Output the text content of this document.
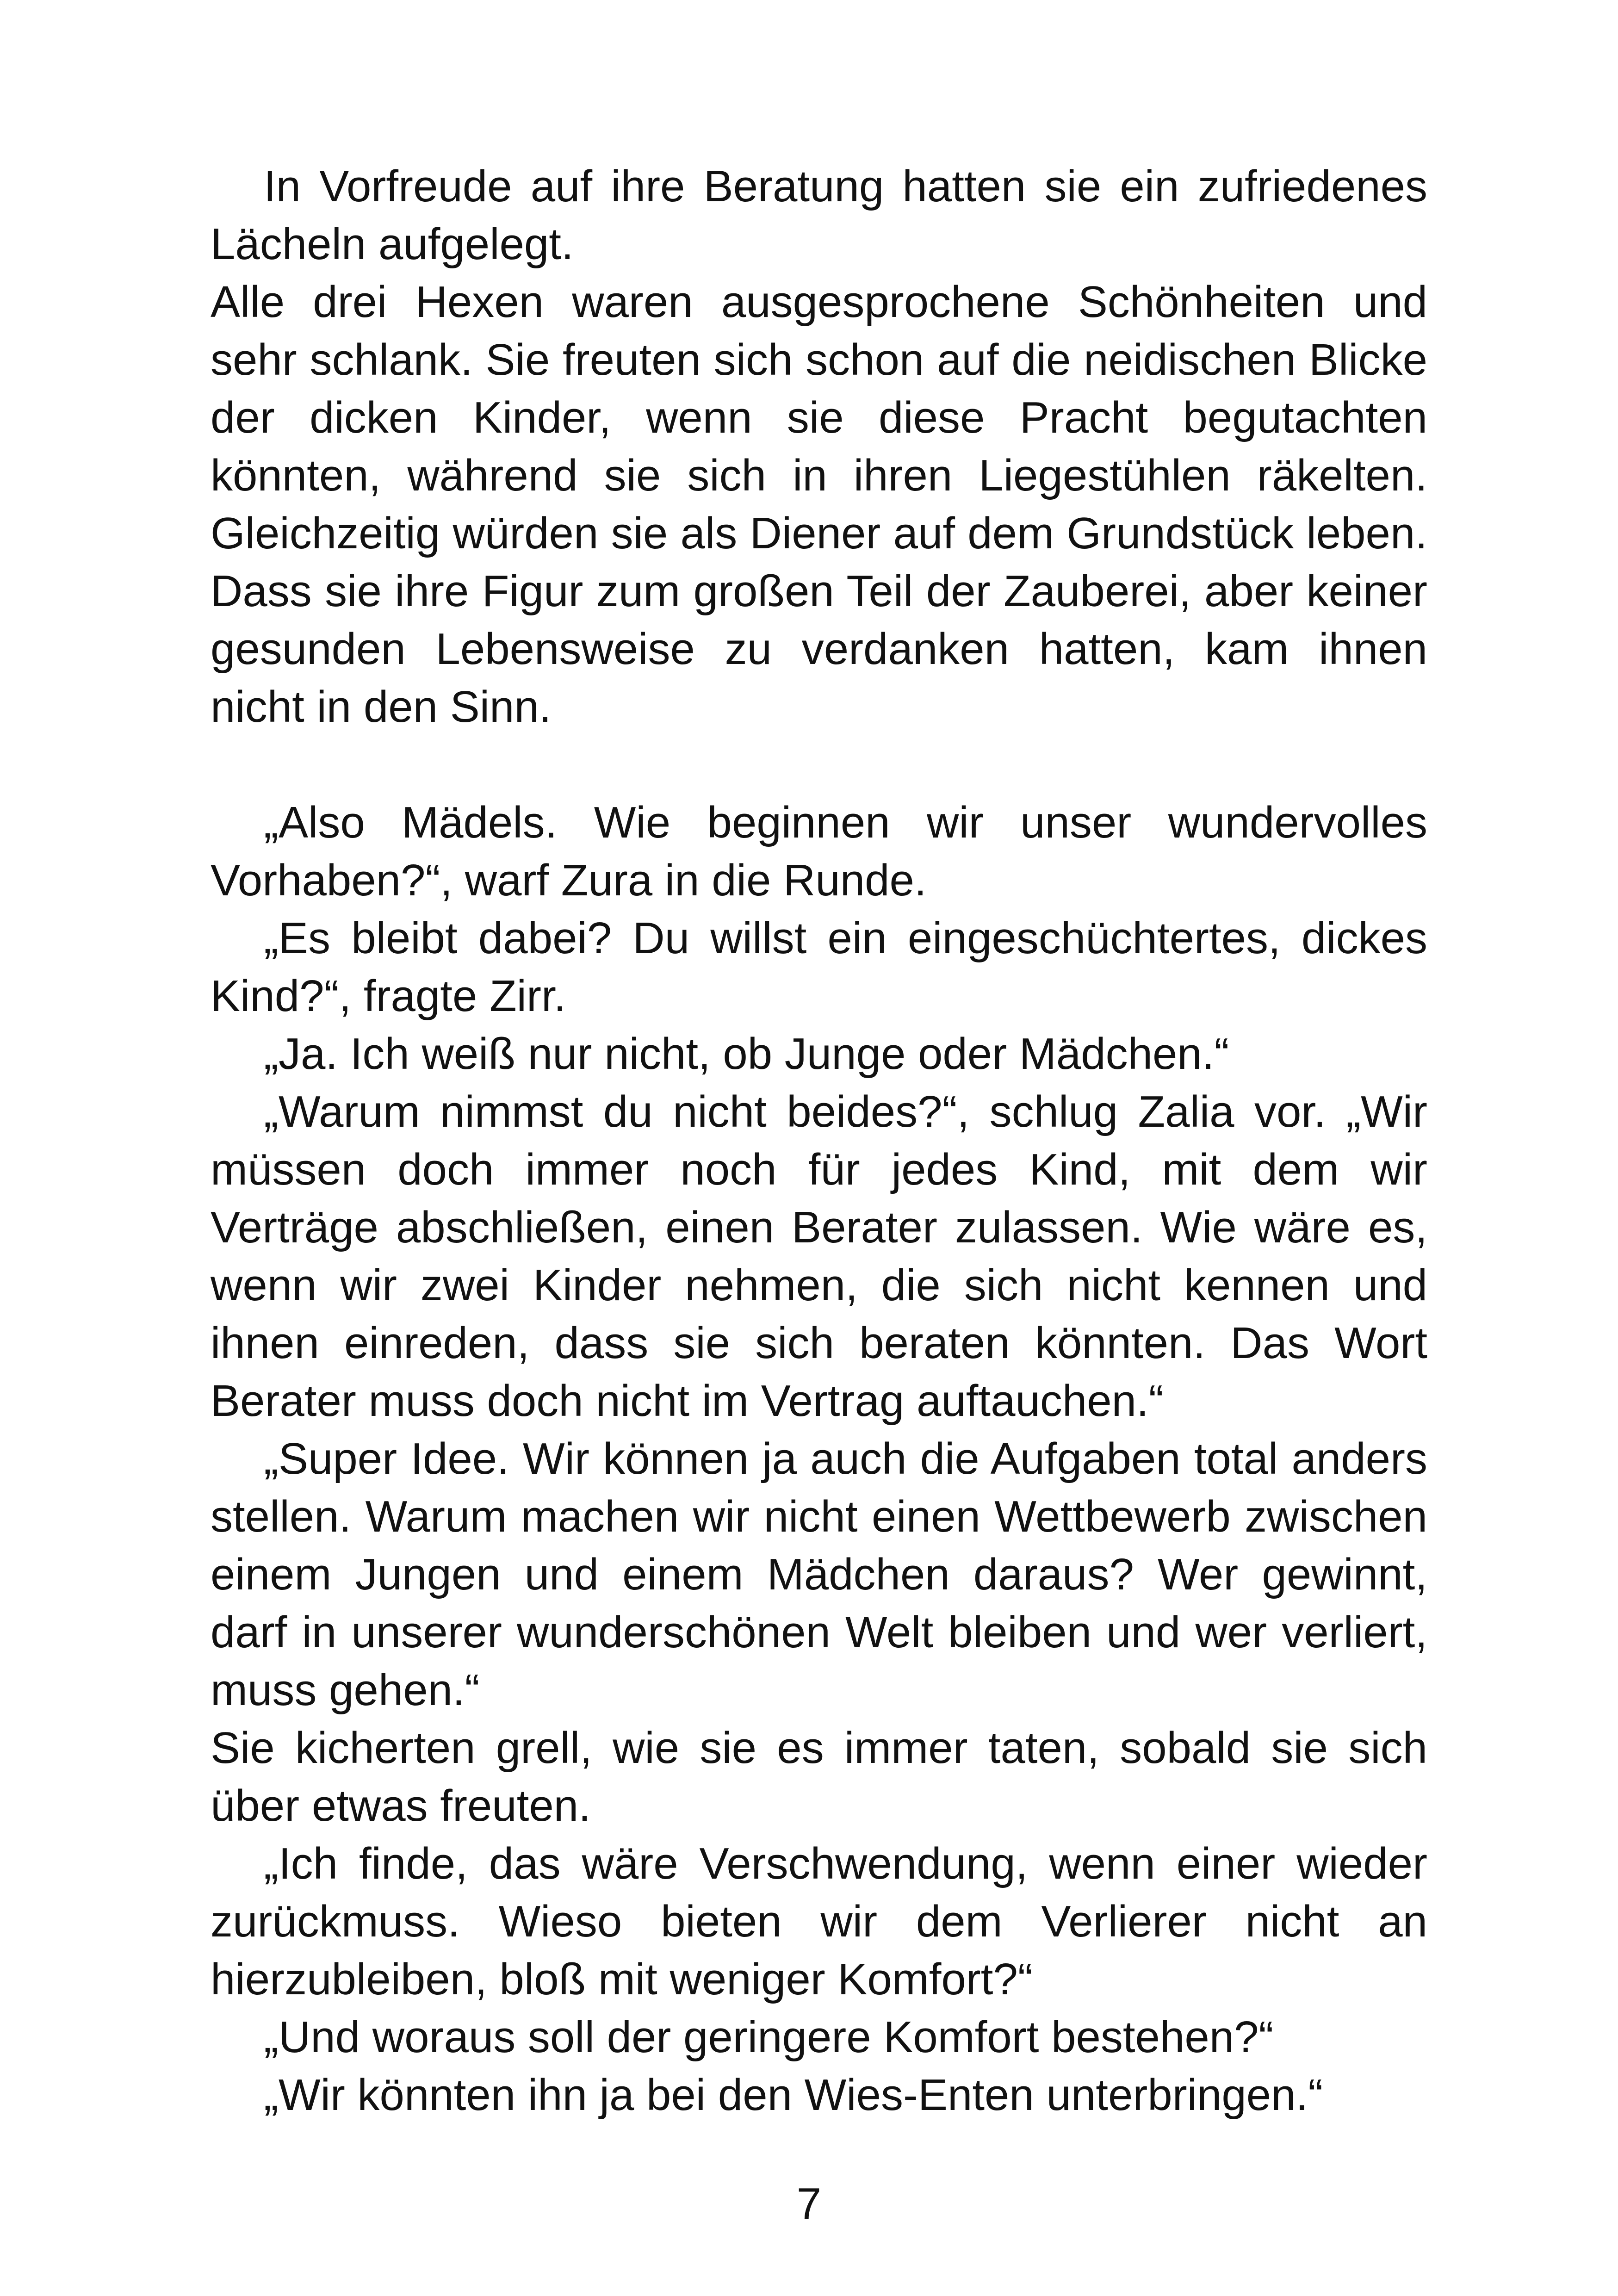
In Vorfreude auf ihre Beratung hatten sie ein zufriedenes Lächeln aufgelegt.

Alle drei Hexen waren ausgesprochene Schönheiten und sehr schlank. Sie freuten sich schon auf die neidischen Blicke der dicken Kinder, wenn sie diese Pracht begutachten könnten, während sie sich in ihren Liegestühlen räkelten. Gleichzeitig würden sie als Diener auf dem Grundstück leben. Dass sie ihre Figur zum großen Teil der Zauberei, aber keiner gesunden Lebensweise zu verdanken hatten, kam ihnen nicht in den Sinn.

„Also Mädels. Wie beginnen wir unser wundervolles Vorhaben?“, warf Zura in die Runde.

„Es bleibt dabei? Du willst ein eingeschüchtertes, dickes Kind?“, fragte Zirr.

„Ja. Ich weiß nur nicht, ob Junge oder Mädchen.“

„Warum nimmst du nicht beides?“, schlug Zalia vor. „Wir müssen doch immer noch für jedes Kind, mit dem wir Verträge abschließen, einen Berater zulassen. Wie wäre es, wenn wir zwei Kinder nehmen, die sich nicht kennen und ihnen einreden, dass sie sich beraten könnten. Das Wort Berater muss doch nicht im Vertrag auftauchen.“

„Super Idee. Wir können ja auch die Aufgaben total anders stellen. Warum machen wir nicht einen Wettbewerb zwischen einem Jungen und einem Mädchen daraus? Wer gewinnt, darf in unserer wunderschönen Welt bleiben und wer verliert, muss gehen.“

Sie kicherten grell, wie sie es immer taten, sobald sie sich über etwas freuten.

„Ich finde, das wäre Verschwendung, wenn einer wieder zurückmuss. Wieso bieten wir dem Verlierer nicht an hierzubleiben, bloß mit weniger Komfort?“

„Und woraus soll der geringere Komfort bestehen?“

„Wir könnten ihn ja bei den Wies-Enten unterbringen.“

7
